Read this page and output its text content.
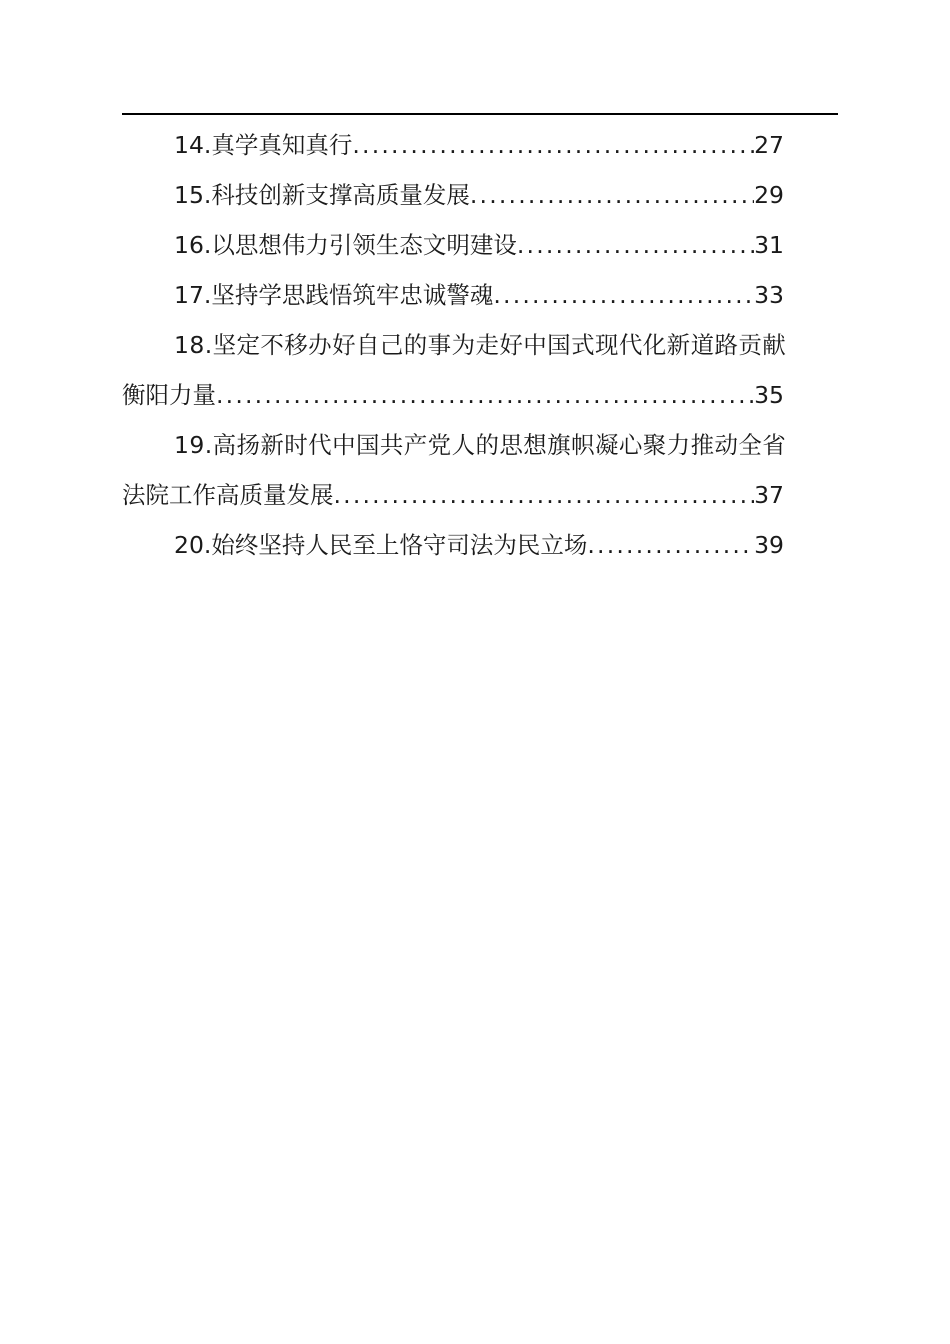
14.真学真知真行 .....	27
15.科技创新支撑高质量发展 .....	29
16.以思想伟力引领生态文明建设 .....	31
17.坚持学思践悟筑牢忠诚警魂 .....	33
18.坚定不移办好自己的事为走好中国式现代化新道路贡献
衡阳力量 .....	35
19.高扬新时代中国共产党人的思想旗帜凝心聚力推动全省
法院工作高质量发展 .....	37
20.始终坚持人民至上恪守司法为民立场 .....	39
